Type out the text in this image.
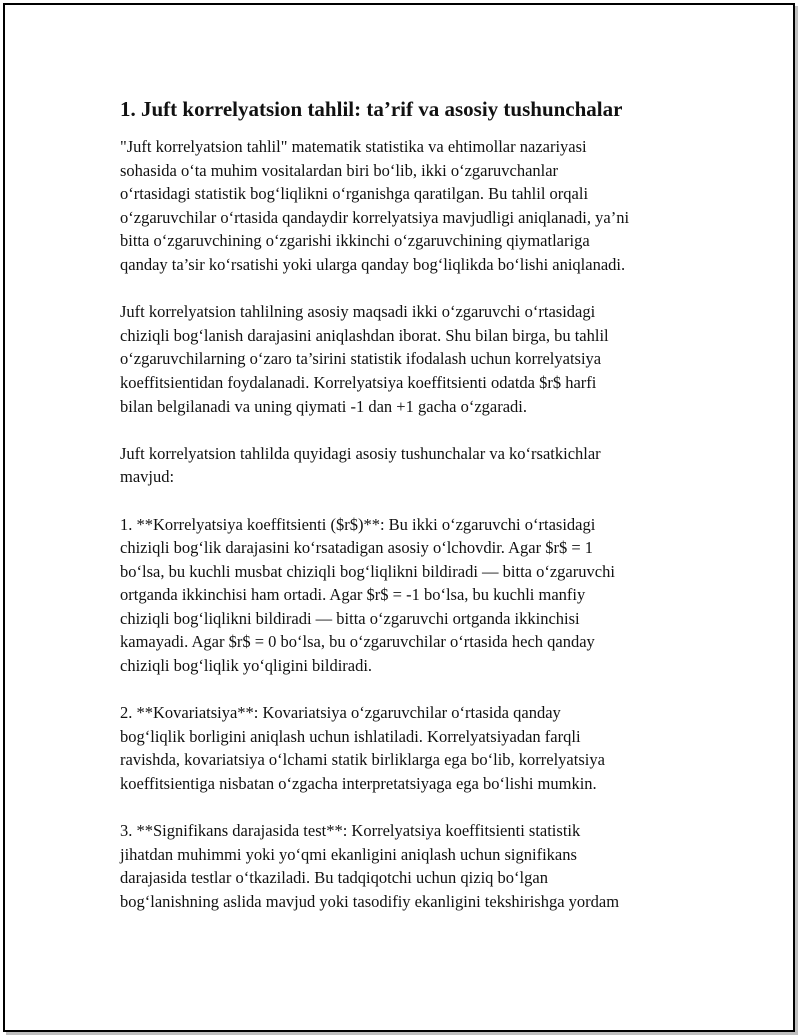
1. Juft korrelyatsion tahlil: ta’rif va asosiy tushunchalar
"Juft korrelyatsion tahlil" matematik statistika va ehtimollar nazariyasi
sohasida o‘ta muhim vositalardan biri bo‘lib, ikki o‘zgaruvchanlar
o‘rtasidagi statistik bog‘liqlikni o‘rganishga qaratilgan. Bu tahlil orqali
o‘zgaruvchilar o‘rtasida qandaydir korrelyatsiya mavjudligi aniqlanadi, ya’ni
bitta o‘zgaruvchining o‘zgarishi ikkinchi o‘zgaruvchining qiymatlariga
qanday ta’sir ko‘rsatishi yoki ularga qanday bog‘liqlikda bo‘lishi aniqlanadi.
Juft korrelyatsion tahlilning asosiy maqsadi ikki o‘zgaruvchi o‘rtasidagi
chiziqli bog‘lanish darajasini aniqlashdan iborat. Shu bilan birga, bu tahlil
o‘zgaruvchilarning o‘zaro ta’sirini statistik ifodalash uchun korrelyatsiya
koeffitsientidan foydalanadi. Korrelyatsiya koeffitsienti odatda $r$ harfi
bilan belgilanadi va uning qiymati -1 dan +1 gacha o‘zgaradi.
Juft korrelyatsion tahlilda quyidagi asosiy tushunchalar va ko‘rsatkichlar
mavjud:
1. **Korrelyatsiya koeffitsienti ($r$)**: Bu ikki o‘zgaruvchi o‘rtasidagi
chiziqli bog‘lik darajasini ko‘rsatadigan asosiy o‘lchovdir. Agar $r$ = 1
bo‘lsa, bu kuchli musbat chiziqli bog‘liqlikni bildiradi — bitta o‘zgaruvchi
ortganda ikkinchisi ham ortadi. Agar $r$ = -1 bo‘lsa, bu kuchli manfiy
chiziqli bog‘liqlikni bildiradi — bitta o‘zgaruvchi ortganda ikkinchisi
kamayadi. Agar $r$ = 0 bo‘lsa, bu o‘zgaruvchilar o‘rtasida hech qanday
chiziqli bog‘liqlik yo‘qligini bildiradi.
2. **Kovariatsiya**: Kovariatsiya o‘zgaruvchilar o‘rtasida qanday
bog‘liqlik borligini aniqlash uchun ishlatiladi. Korrelyatsiyadan farqli
ravishda, kovariatsiya o‘lchami statik birliklarga ega bo‘lib, korrelyatsiya
koeffitsientiga nisbatan o‘zgacha interpretatsiyaga ega bo‘lishi mumkin.
3. **Signifikans darajasida test**: Korrelyatsiya koeffitsienti statistik
jihatdan muhimmi yoki yo‘qmi ekanligini aniqlash uchun signifikans
darajasida testlar o‘tkaziladi. Bu tadqiqotchi uchun qiziq bo‘lgan
bog‘lanishning aslida mavjud yoki tasodifiy ekanligini tekshirishga yordam
